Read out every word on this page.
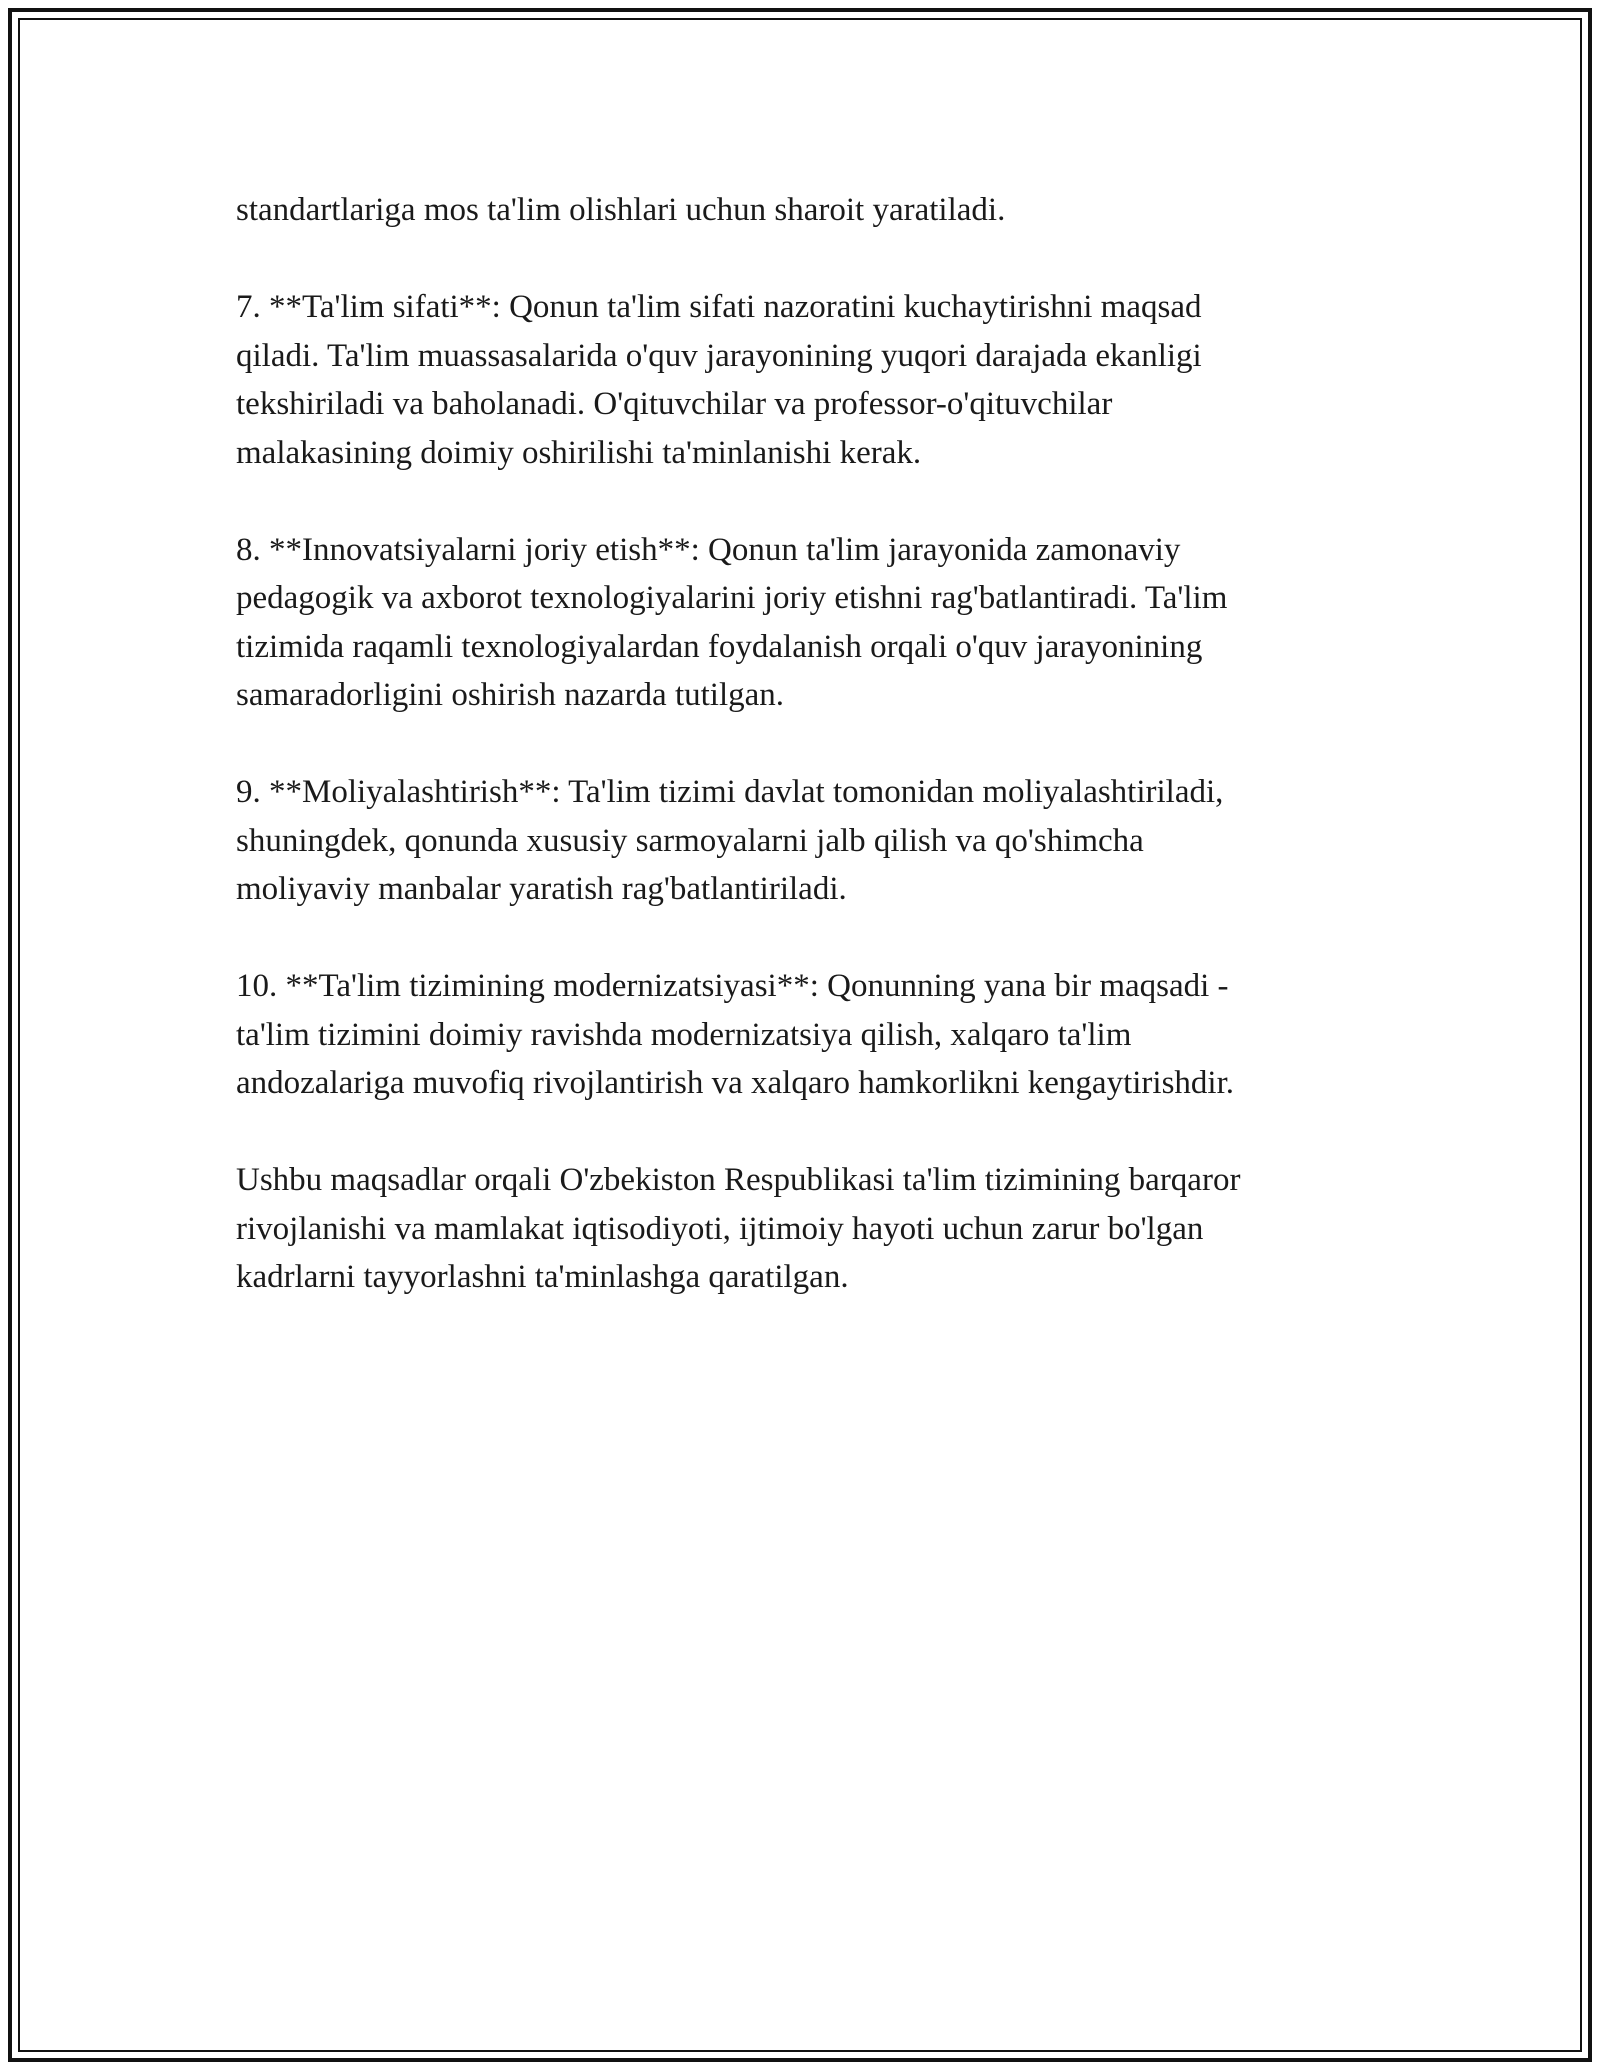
standartlariga mos ta'lim olishlari uchun sharoit yaratiladi.

7. **Ta'lim sifati**: Qonun ta'lim sifati nazoratini kuchaytirishni maqsad
qiladi. Ta'lim muassasalarida o'quv jarayonining yuqori darajada ekanligi
tekshiriladi va baholanadi. O'qituvchilar va professor-o'qituvchilar
malakasining doimiy oshirilishi ta'minlanishi kerak.

8. **Innovatsiyalarni joriy etish**: Qonun ta'lim jarayonida zamonaviy
pedagogik va axborot texnologiyalarini joriy etishni rag'batlantiradi. Ta'lim
tizimida raqamli texnologiyalardan foydalanish orqali o'quv jarayonining
samaradorligini oshirish nazarda tutilgan.

9. **Moliyalashtirish**: Ta'lim tizimi davlat tomonidan moliyalashtiriladi,
shuningdek, qonunda xususiy sarmoyalarni jalb qilish va qo'shimcha
moliyaviy manbalar yaratish rag'batlantiriladi.

10. **Ta'lim tizimining modernizatsiyasi**: Qonunning yana bir maqsadi -
ta'lim tizimini doimiy ravishda modernizatsiya qilish, xalqaro ta'lim
andozalariga muvofiq rivojlantirish va xalqaro hamkorlikni kengaytirishdir.

Ushbu maqsadlar orqali O'zbekiston Respublikasi ta'lim tizimining barqaror
rivojlanishi va mamlakat iqtisodiyoti, ijtimoiy hayoti uchun zarur bo'lgan
kadrlarni tayyorlashni ta'minlashga qaratilgan.
